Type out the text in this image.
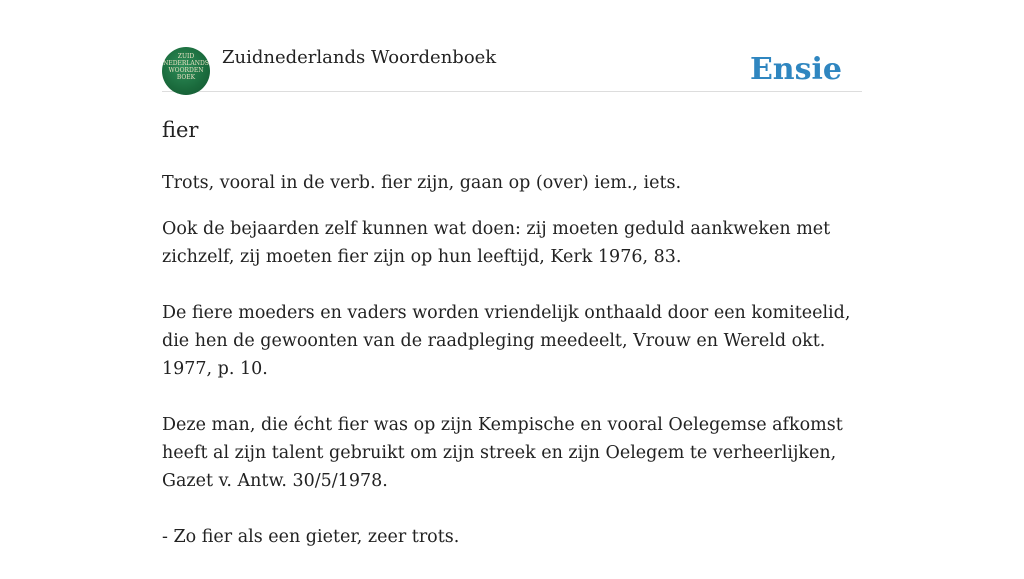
ZUID
NEDERLANDS
WOORDEN
BOEK
Zuidnederlands Woordenboek	Ensie
fier

Trots, vooral in de verb. fier zijn, gaan op (over) iem., iets.

Ook de bejaarden zelf kunnen wat doen: zij moeten geduld aankweken met zichzelf, zij moeten fier zijn op hun leeftijd, Kerk 1976, 83.

De fiere moeders en vaders worden vriendelijk onthaald door een komiteelid, die hen de gewoonten van de raadpleging meedeelt, Vrouw en Wereld okt. 1977, p. 10.

Deze man, die écht fier was op zijn Kempische en vooral Oelegemse afkomst heeft al zijn talent gebruikt om zijn streek en zijn Oelegem te verheerlijken, Gazet v. Antw. 30/5/1978.

- Zo fier als een gieter, zeer trots.
